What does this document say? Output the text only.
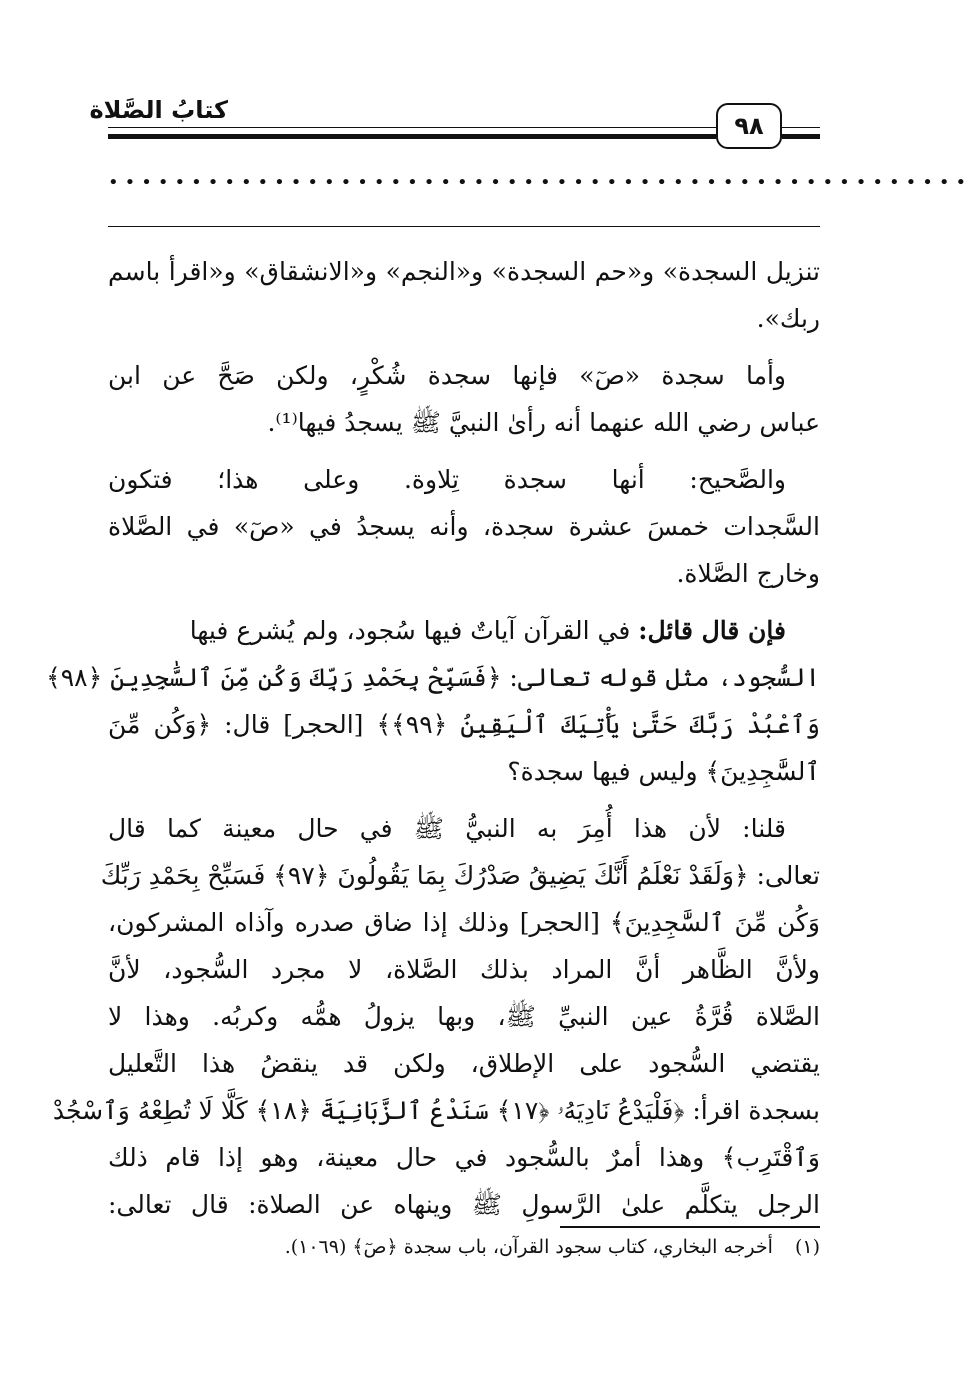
كتابُ الصَّلاة
٩٨
••••••••••••••••••••••••••••••••••••••••••••••••••••
تنزيل السجدة» و«حم السجدة» و«النجم» و«الانشقاق» و«اقرأ باسم
ربك».
وأما سجدة «صٓ» فإنها سجدة شُكْرٍ، ولكن صَحَّ عن ابن
عباس رضي الله عنهما أنه رأىٰ النبيَّ ﷺ يسجدُ فيها⁽¹⁾.
والصَّحيح: أنها سجدة تِلاوة. وعلى هذا؛ فتكون
السَّجدات خمسَ عشرة سجدة، وأنه يسجدُ في «صٓ» في الصَّلاة
وخارج الصَّلاة.
فإن قال قائل: في القرآن آياتٌ فيها سُجود، ولم يُشرع فيها
السُّجود، مثل قوله تعالى: ﴿فَسَبِّحْ بِحَمْدِ رَبِّكَ وَكُن مِّنَ ٱلسَّٰجِدِينَ ﴿٩٨﴾
وَٱعْبُدْ رَبَّكَ حَتَّىٰ يَأْتِيَكَ ٱلْيَقِينُ ﴿٩٩﴾﴾ [الحجر] قال: ﴿وَكُن مِّنَ
ٱلسَّٰجِدِينَ﴾ وليس فيها سجدة؟
قلنا: لأن هذا أُمِرَ به النبيُّ ﷺ في حال معينة كما قال
تعالى: ﴿وَلَقَدْ نَعْلَمُ أَنَّكَ يَضِيقُ صَدْرُكَ بِمَا يَقُولُونَ ﴿٩٧﴾ فَسَبِّحْ بِحَمْدِ رَبِّكَ
وَكُن مِّنَ ٱلسَّٰجِدِينَ﴾ [الحجر] وذلك إذا ضاق صدره وآذاه المشركون،
ولأنَّ الظَّاهر أنَّ المراد بذلك الصَّلاة، لا مجرد السُّجود، لأنَّ
الصَّلاة قُرَّةُ عين النبيِّ ﷺ، وبها يزولُ همُّه وكربُه. وهذا لا
يقتضي السُّجود على الإطلاق، ولكن قد ينقضُ هذا التَّعليل
بسجدة اقرأ: ﴿فَلْيَدْعُ نَادِيَهُۥ ﴿١٧﴾ سَنَدْعُ ٱلزَّبَانِيَةَ ﴿١٨﴾ كَلَّا لَا تُطِعْهُ وَٱسْجُدْ
وَٱقْتَرِب﴾ وهذا أمرٌ بالسُّجود في حال معينة، وهو إذا قام ذلك
الرجل يتكلَّم علىٰ الرَّسولِ ﷺ وينهاه عن الصلاة: قال تعالى:
(١)أخرجه البخاري، كتاب سجود القرآن، باب سجدة ﴿صٓ﴾ (١٠٦٩).
